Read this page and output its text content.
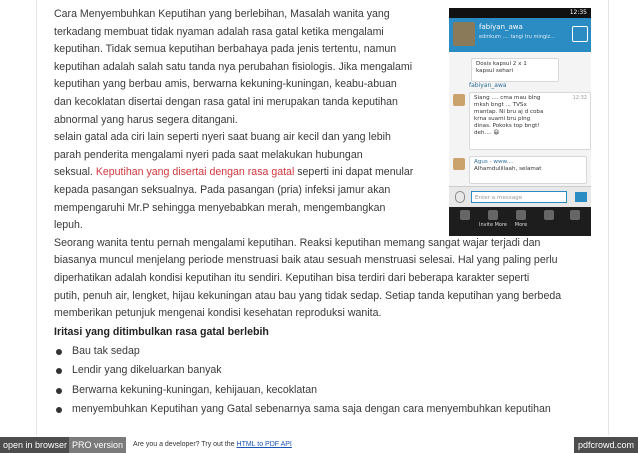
Cara Menyembuhkan Keputihan yang berlebihan, Masalah wanita yang

terkadang membuat tidak nyaman adalah rasa gatal ketika mengalami

keputihan. Tidak semua keputihan berbahaya pada jenis tertentu, namun

keputihan adalah salah satu tanda nya perubahan fisiologis. Jika mengalami

keputihan yang berbau amis, berwarna kekuning-kuningan, keabu-abuan

dan kecoklatan disertai dengan rasa gatal ini merupakan tanda keputihan

abnormal yang harus segera ditangani.

selain gatal ada ciri lain seperti nyeri saat buang air kecil dan yang lebih

parah penderita mengalami nyeri pada saat melakukan hubungan

seksual. Keputihan yang disertai dengan rasa gatal seperti ini dapat menular

kepada pasangan seksualnya. Pada pasangan (pria) infeksi jamur akan

mempengaruhi Mr.P sehingga menyebabkan merah, mengembangkan

lepuh.

Seorang wanita tentu pernah mengalami keputihan. Reaksi keputihan memang sangat wajar terjadi dan

biasanya muncul menjelang periode menstruasi baik atau sesuah menstruasi selesai. Hal yang paling perlu

diperhatikan adalah kondisi keputihan itu sendiri. Keputihan bisa terdiri dari beberapa karakter seperti

putih, penuh air, lengket, hijau kekuningan atau bau yang tidak sedap. Setiap tanda keputihan yang berbeda

memberikan petunjuk mengenai kondisi kesehatan reproduksi wanita.

Iritasi yang ditimbulkan rasa gatal berlebih

Bau tak sedap
Lendir yang dikeluarkan banyak
Berwarna kekuning-kuningan, kehijauan, kecoklatan
menyembuhkan Keputihan yang Gatal sebenarnya sama saja dengan cara menyembuhkan keputihan
12:35
fabiyan_awa
edmkum .... tangi tru mingiz...
Dosis kapsul 2 x 1
kapsul sehari
fabiyan_awa
12:32
Siang .... cma mau blng
mksh bngt ... TVSx
mantap. Ni bru aj d coba
krna suami bru plng
dinas. Pokoks top bngt!
deh.... 😄
Agus - www....
Alhamdulillaah, selamat
Enter a message
Invite More	More
open in browser PRO version	Are you a developer? Try out the HTML to PDF API	pdfcrowd.com
